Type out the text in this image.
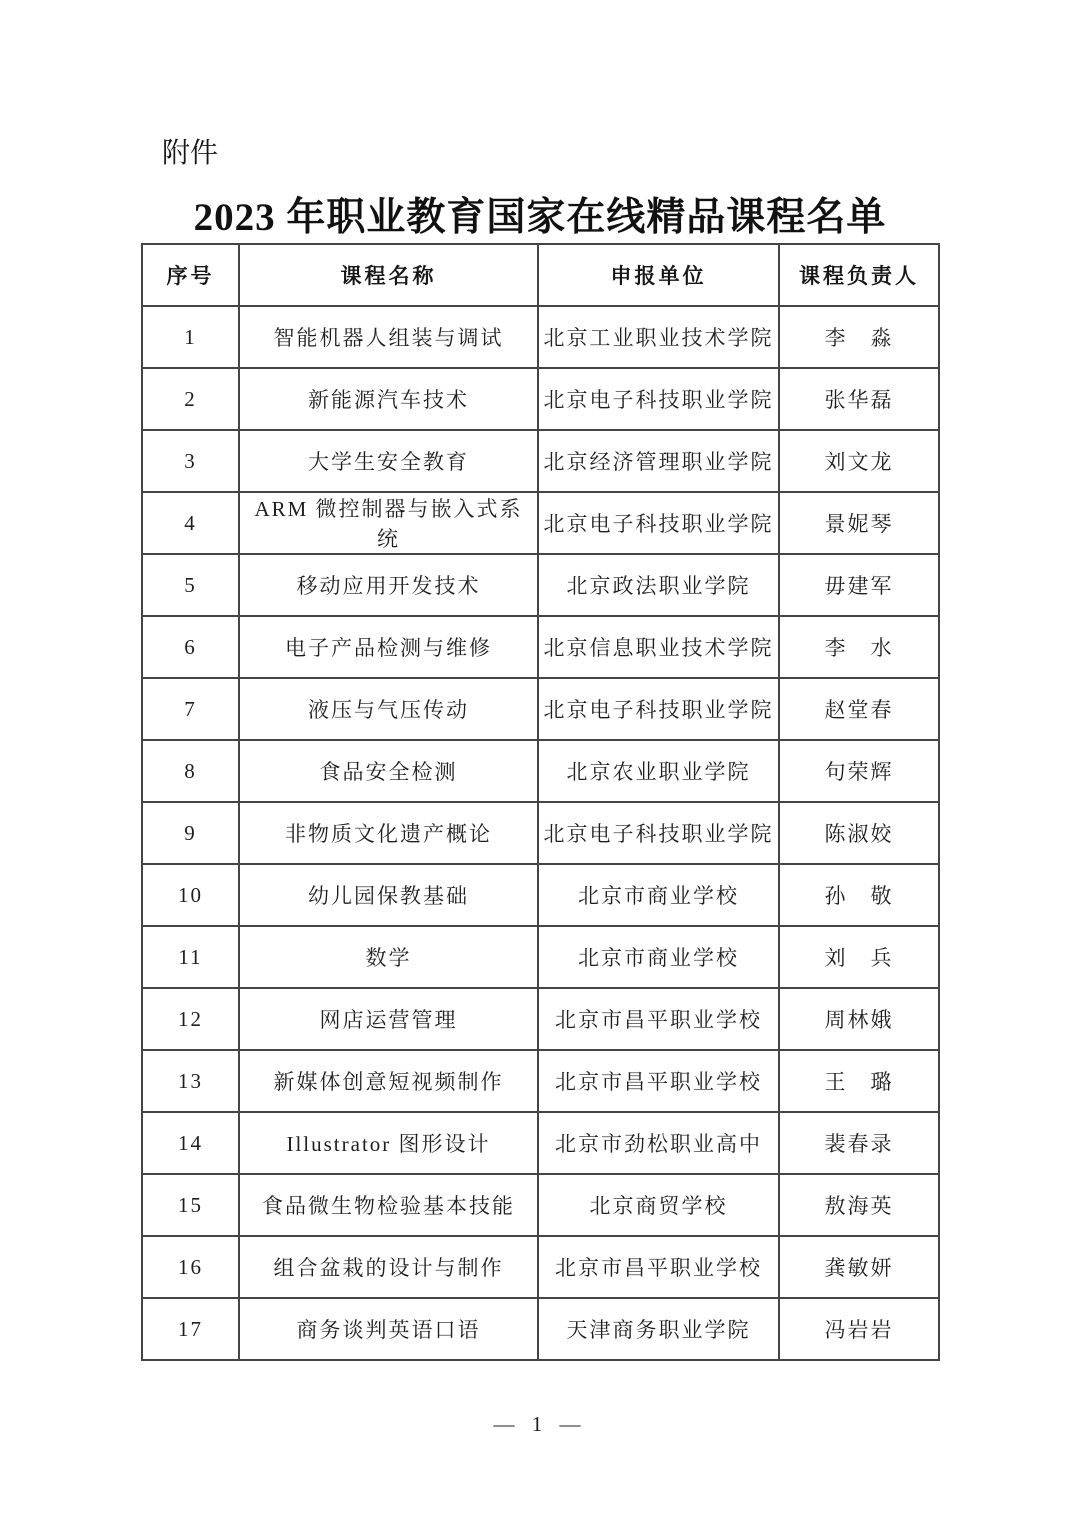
附件
2023 年职业教育国家在线精品课程名单
序号	课程名称	申报单位	课程负责人
1	智能机器人组装与调试	北京工业职业技术学院	李　淼
2	新能源汽车技术	北京电子科技职业学院	张华磊
3	大学生安全教育	北京经济管理职业学院	刘文龙
4	ARM 微控制器与嵌入式系统	北京电子科技职业学院	景妮琴
5	移动应用开发技术	北京政法职业学院	毋建军
6	电子产品检测与维修	北京信息职业技术学院	李　水
7	液压与气压传动	北京电子科技职业学院	赵堂春
8	食品安全检测	北京农业职业学院	句荣辉
9	非物质文化遗产概论	北京电子科技职业学院	陈淑姣
10	幼儿园保教基础	北京市商业学校	孙　敬
11	数学	北京市商业学校	刘　兵
12	网店运营管理	北京市昌平职业学校	周林娥
13	新媒体创意短视频制作	北京市昌平职业学校	王　璐
14	Illustrator 图形设计	北京市劲松职业高中	裴春录
15	食品微生物检验基本技能	北京商贸学校	敖海英
16	组合盆栽的设计与制作	北京市昌平职业学校	龚敏妍
17	商务谈判英语口语	天津商务职业学院	冯岩岩
— 1 —
